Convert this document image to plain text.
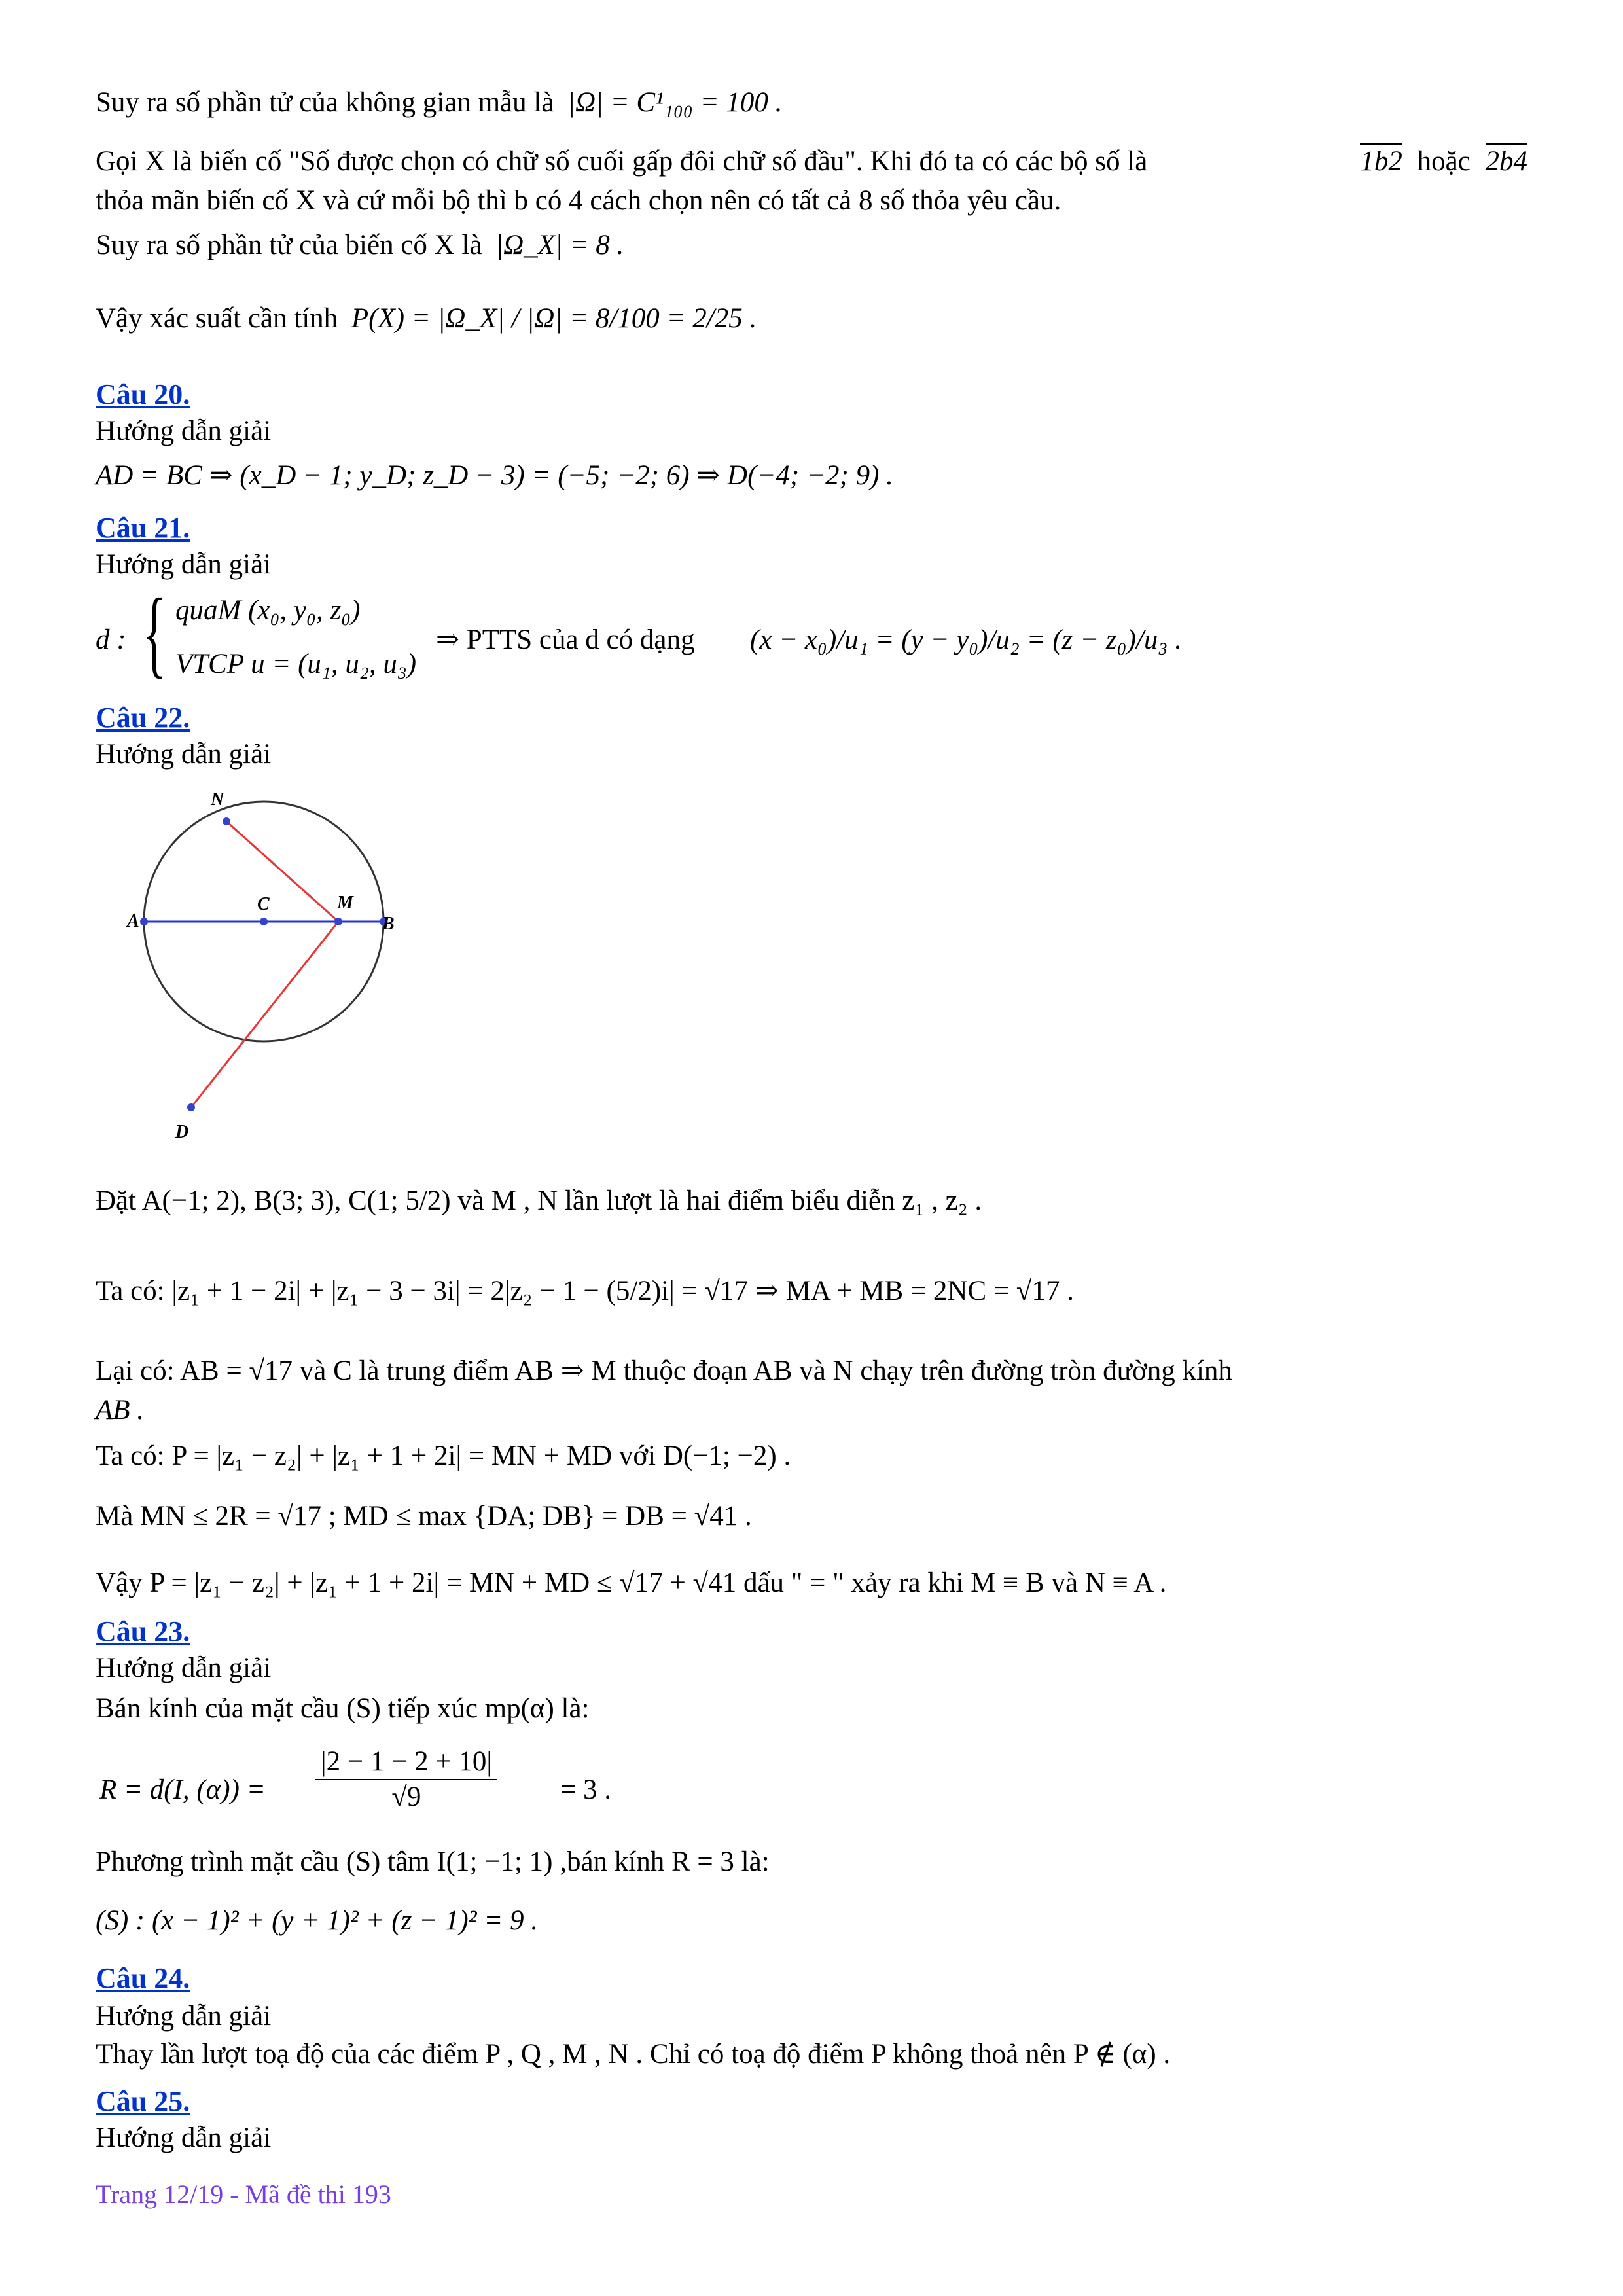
Suy ra số phần tử của không gian mẫu là |Ω| = C¹₁₀₀ = 100 .
Gọi X là biến cố "Số được chọn có chữ số cuối gấp đôi chữ số đầu". Khi đó ta có các bộ số là	1b2 hoặc 2b4
thỏa mãn biến cố X và cứ mỗi bộ thì b có 4 cách chọn nên có tất cả 8 số thỏa yêu cầu.
Suy ra số phần tử của biến cố X là |Ω_X| = 8 .
Vậy xác suất cần tính P(X) = |Ω_X| / |Ω| = 8/100 = 2/25 .
Câu 20.
Hướng dẫn giải
AD = BC ⇒ (x_D − 1; y_D; z_D − 3) = (−5; −2; 6) ⇒ D(−4; −2; 9) .
Câu 21.
Hướng dẫn giải
d : { quaM (x₀, y₀, z₀)
VTCP u = (u₁, u₂, u₃)
⇒ PTTS của d có dạng (x − x₀)/u₁ = (y − y₀)/u₂ = (z − z₀)/u₃ .
Câu 22.
Hướng dẫn giải
N
A
C	M
B
D
Đặt A(−1; 2), B(3; 3), C(1; 5/2) và M , N lần lượt là hai điểm biểu diễn z₁ , z₂ .
Ta có: |z₁ + 1 − 2i| + |z₁ − 3 − 3i| = 2|z₂ − 1 − (5/2)i| = √17 ⇒ MA + MB = 2NC = √17 .
Lại có: AB = √17 và C là trung điểm AB ⇒ M thuộc đoạn AB và N chạy trên đường tròn đường kính
AB .
Ta có: P = |z₁ − z₂| + |z₁ + 1 + 2i| = MN + MD với D(−1; −2) .
Mà MN ≤ 2R = √17 ; MD ≤ max {DA; DB} = DB = √41 .
Vậy P = |z₁ − z₂| + |z₁ + 1 + 2i| = MN + MD ≤ √17 + √41 dấu " = " xảy ra khi M ≡ B và N ≡ A .
Câu 23.
Hướng dẫn giải
Bán kính của mặt cầu (S) tiếp xúc mp(α) là:
R = d(I, $(\alpha)) = \frac{|2 - 1 - 2 + 10|}{√9} = 3$ .
Phương trình mặt cầu (S) tâm I(1; −1; 1) ,bán kính R = 3 là:
(S) : (x − 1)² + (y + 1)² + (z − 1)² = 9 .
Câu 24.
Hướng dẫn giải
Thay lần lượt toạ độ của các điểm P , Q , M , N . Chỉ có toạ độ điểm P không thoả nên P ∉ (α) .
Câu 25.
Hướng dẫn giải
Trang 12/19 - Mã đề thi 193
